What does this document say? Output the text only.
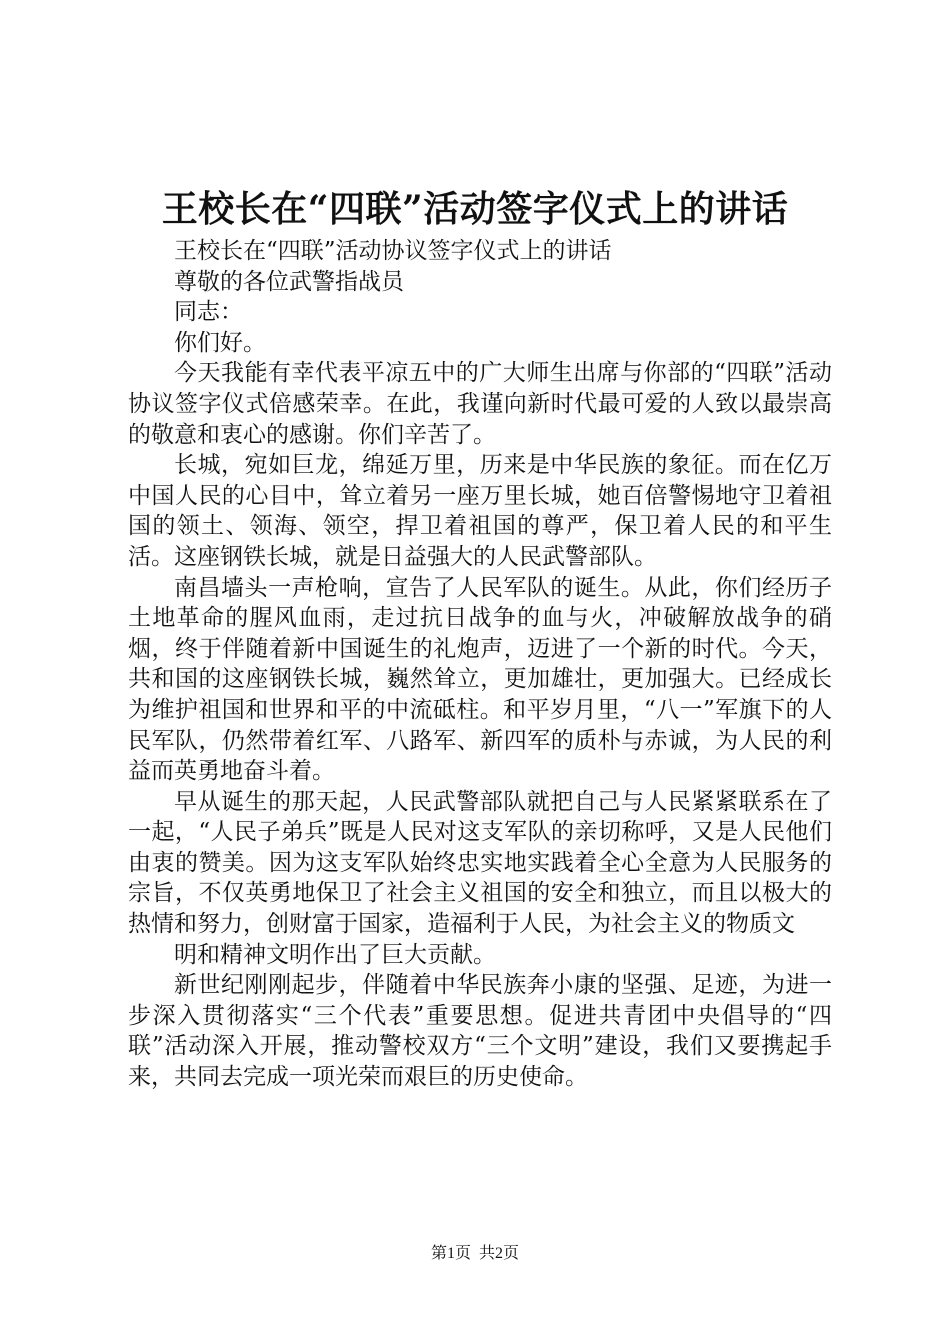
王校长在“四联”活动签字仪式上的讲话

王校长在“四联”活动协议签字仪式上的讲话

尊敬的各位武警指战员

同志：

你们好。

今天我能有幸代表平凉五中的广大师生出席与你部的“四联”活动协议签字仪式倍感荣幸。在此，我谨向新时代最可爱的人致以最崇高的敬意和衷心的感谢。你们辛苦了。

长城，宛如巨龙，绵延万里，历来是中华民族的象征。而在亿万中国人民的心目中，耸立着另一座万里长城，她百倍警惕地守卫着祖国的领土、领海、领空，捍卫着祖国的尊严，保卫着人民的和平生活。这座钢铁长城，就是日益强大的人民武警部队。

南昌墙头一声枪响，宣告了人民军队的诞生。从此，你们经历子土地革命的腥风血雨，走过抗日战争的血与火，冲破解放战争的硝烟，终于伴随着新中国诞生的礼炮声，迈进了一个新的时代。今天，共和国的这座钢铁长城，巍然耸立，更加雄壮，更加强大。已经成长为维护祖国和世界和平的中流砥柱。和平岁月里，“八一”军旗下的人民军队，仍然带着红军、八路军、新四军的质朴与赤诚，为人民的利益而英勇地奋斗着。

早从诞生的那天起，人民武警部队就把自己与人民紧紧联系在了一起，“人民子弟兵”既是人民对这支军队的亲切称呼，又是人民他们由衷的赞美。因为这支军队始终忠实地实践着全心全意为人民服务的宗旨，不仅英勇地保卫了社会主义祖国的安全和独立，而且以极大的热情和努力，创财富于国家，造福利于人民，为社会主义的物质文

明和精神文明作出了巨大贡献。

新世纪刚刚起步，伴随着中华民族奔小康的坚强、足迹，为进一步深入贯彻落实“三个代表”重要思想。促进共青团中央倡导的“四联”活动深入开展，推动警校双方“三个文明”建设，我们又要携起手来，共同去完成一项光荣而艰巨的历史使命。

第1页 共2页
